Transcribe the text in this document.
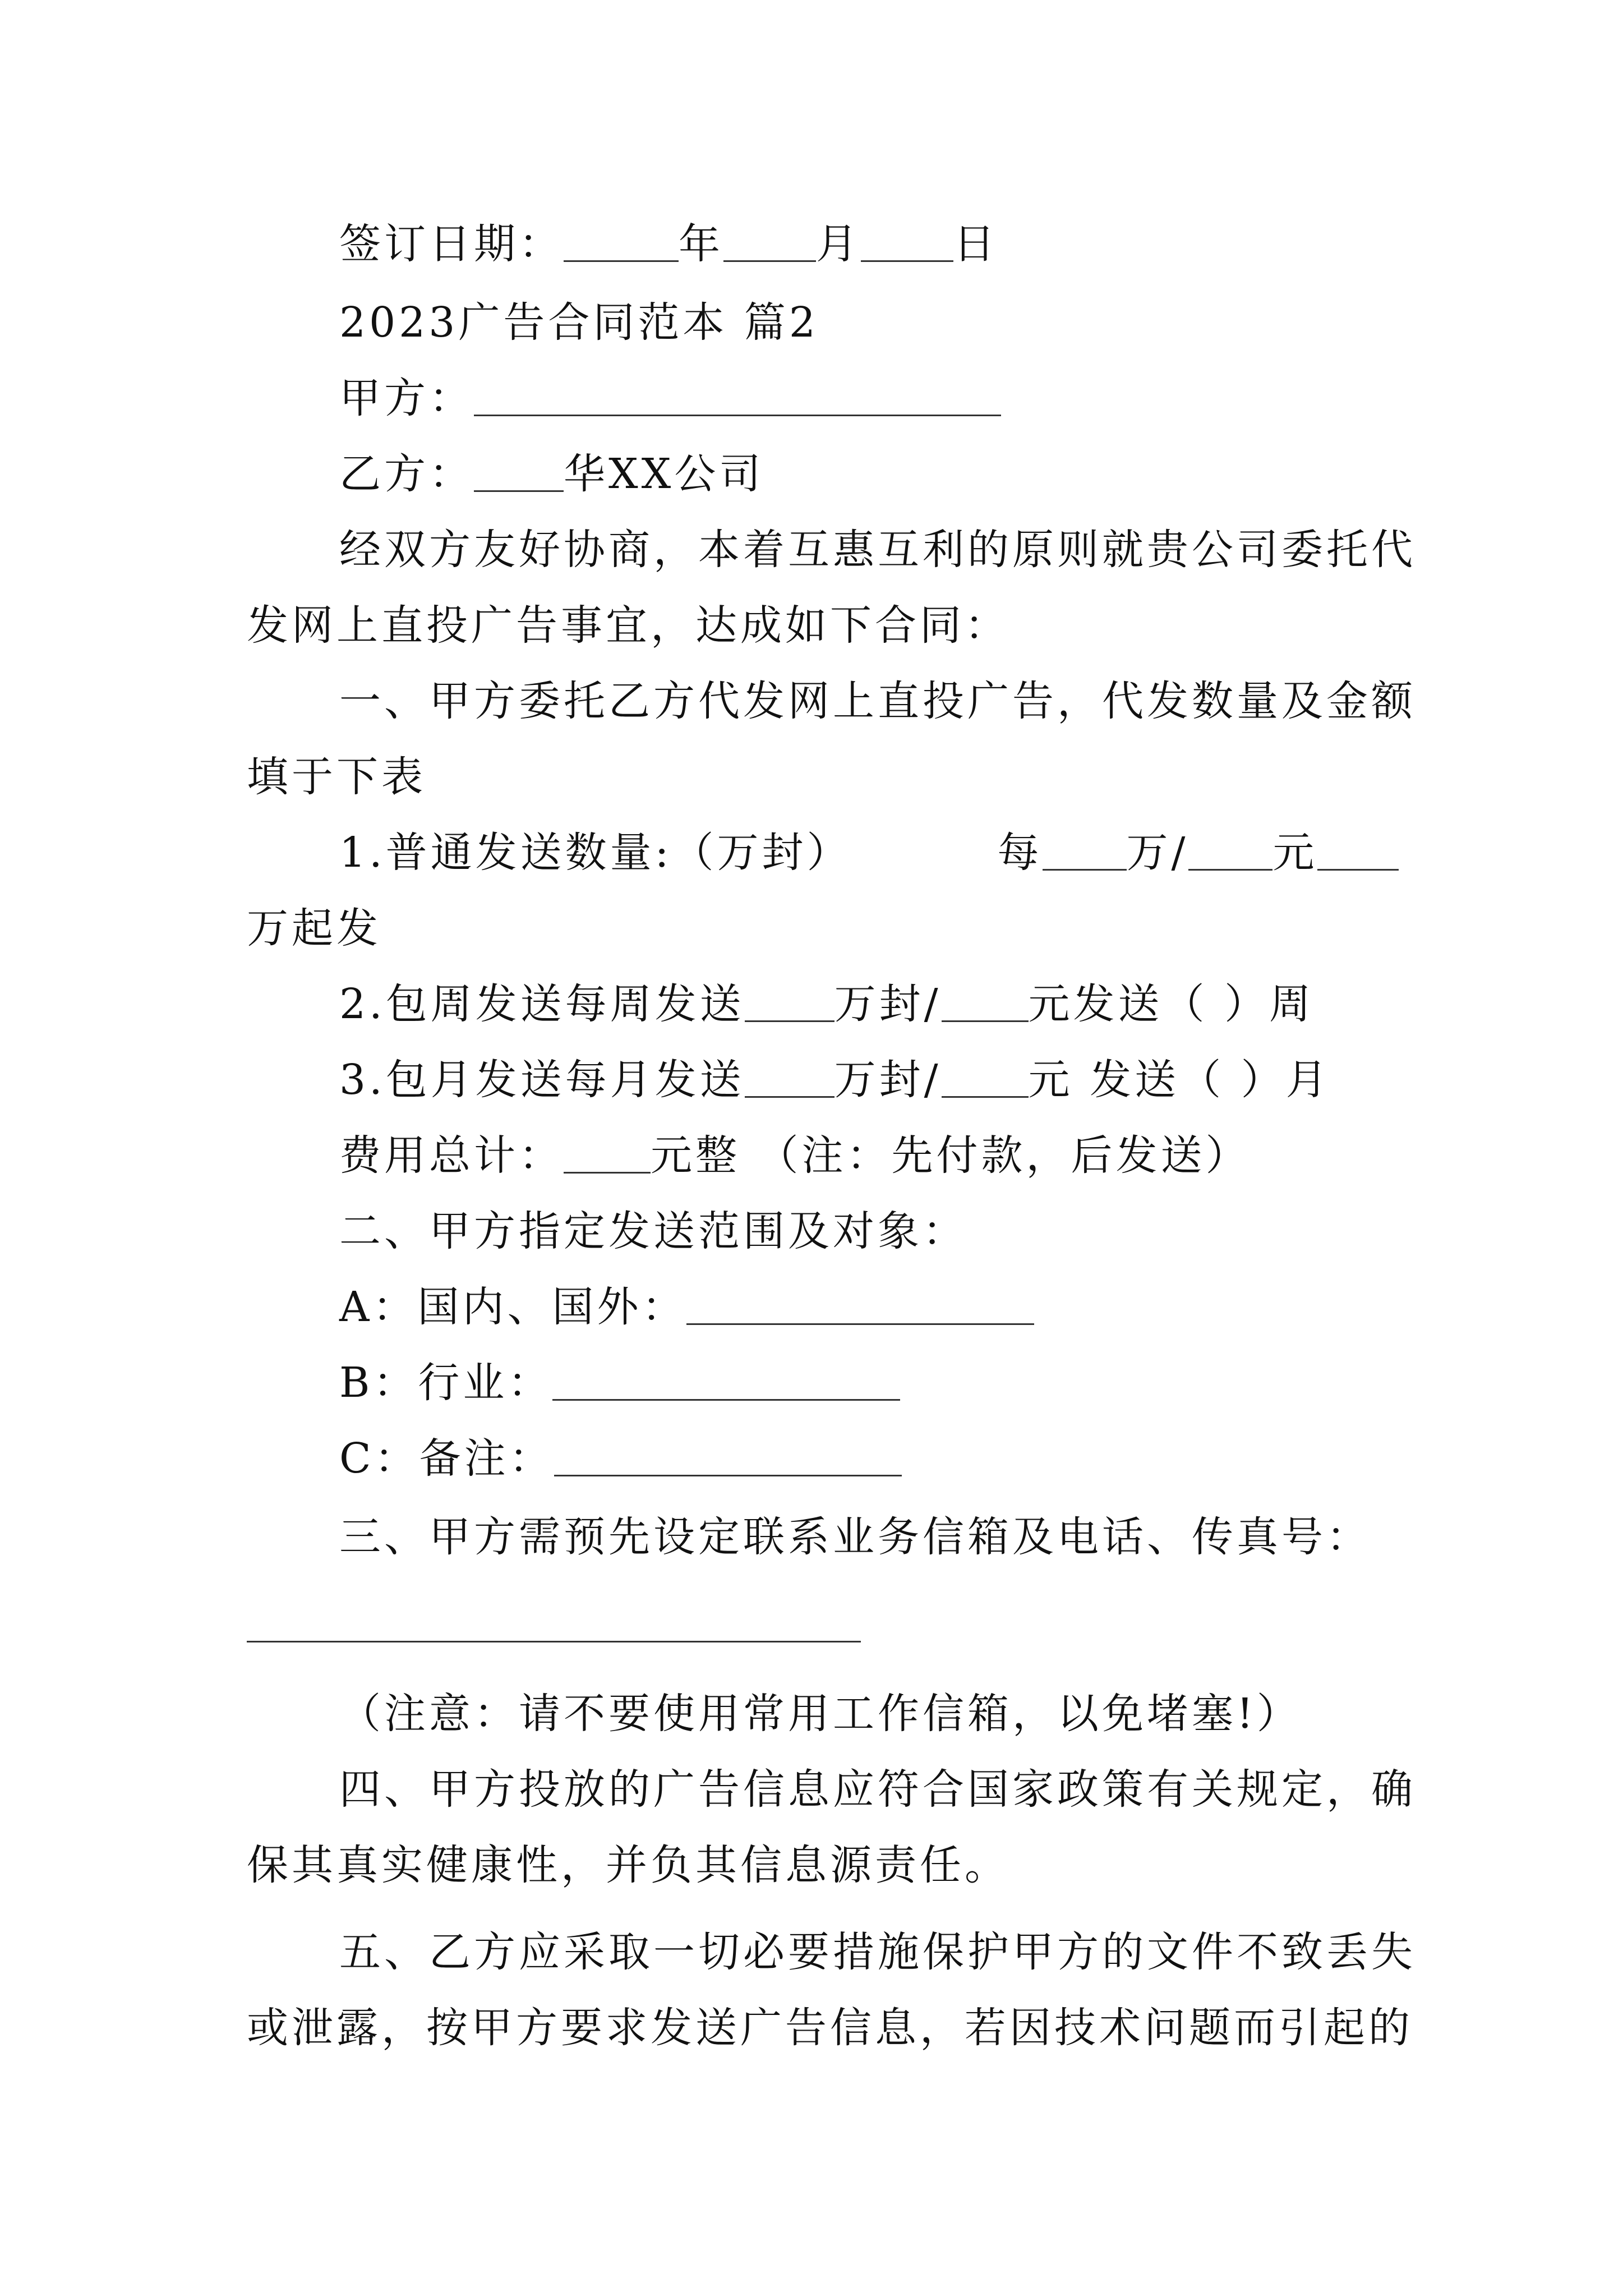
签订日期：	年 月 日
2023广告合同范本 篇2
甲方：
乙方： 华XX公司
经双方友好协商，本着互惠互利的原则就贵公司委托代
发网上直投广告事宜，达成如下合同：
一、甲方委托乙方代发网上直投广告，代发数量及金额
填于下表
1.普通发送数量:（万封）	每 万/ 元
万起发
2.包周发送每周发送 万封/ 元发送（ ）周
3.包月发送每月发送 万封/ 元 发送（ ）月
费用总计： 元整 （注：先付款，后发送）
二、甲方指定发送范围及对象：
A：国内、国外：
B：行业：
C：备注：
三、甲方需预先设定联系业务信箱及电话、传真号：
（注意：请不要使用常用工作信箱，以免堵塞!）
四、甲方投放的广告信息应符合国家政策有关规定，确
保其真实健康性，并负其信息源责任。
五、乙方应采取一切必要措施保护甲方的文件不致丢失
或泄露，按甲方要求发送广告信息，若因技术问题而引起的
